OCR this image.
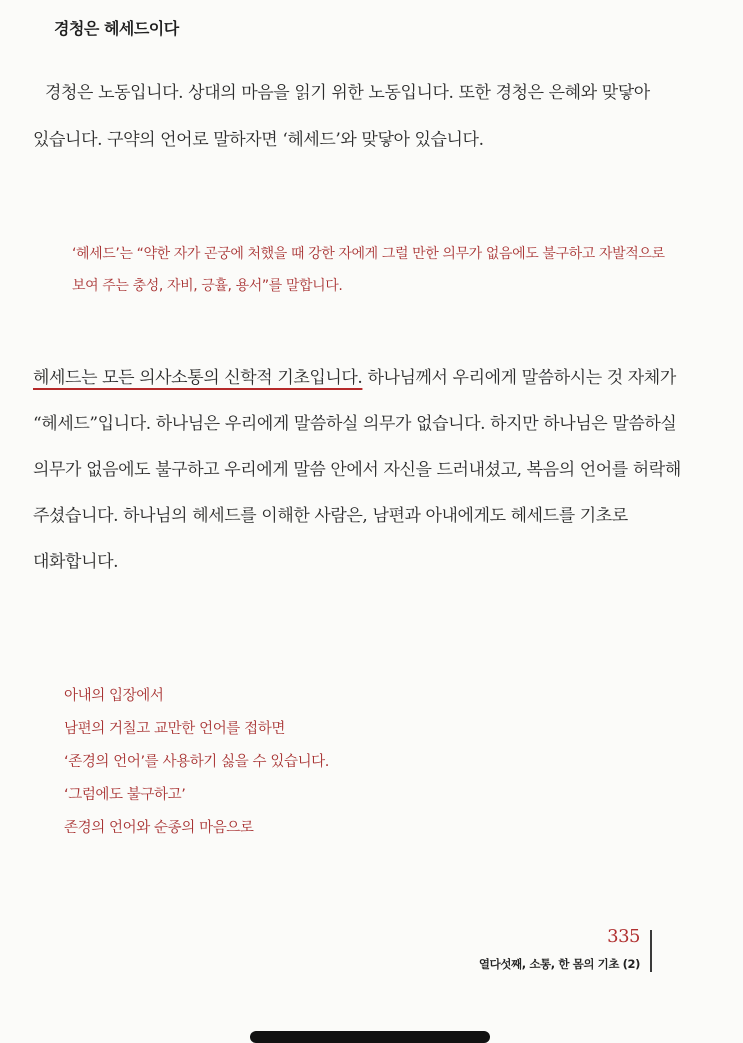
경청은 헤세드이다

경청은 노동입니다. 상대의 마음을 읽기 위한 노동입니다. 또한 경청은 은혜와 맞닿아 있습니다. 구약의 언어로 말하자면 ‘헤세드’와 맞닿아 있습니다.

‘헤세드’는 “약한 자가 곤궁에 처했을 때 강한 자에게 그럴 만한 의무가 없음에도 불구하고 자발적으로 보여 주는 충성, 자비, 긍휼, 용서”를 말합니다.

헤세드는 모든 의사소통의 신학적 기초입니다. 하나님께서 우리에게 말씀하시는 것 자체가 “헤세드”입니다. 하나님은 우리에게 말씀하실 의무가 없습니다. 하지만 하나님은 말씀하실 의무가 없음에도 불구하고 우리에게 말씀 안에서 자신을 드러내셨고, 복음의 언어를 허락해 주셨습니다. 하나님의 헤세드를 이해한 사람은, 남편과 아내에게도 헤세드를 기초로 대화합니다.

아내의 입장에서
남편의 거칠고 교만한 언어를 접하면
‘존경의 언어’를 사용하기 싫을 수 있습니다.
‘그럼에도 불구하고’
존경의 언어와 순종의 마음으로
335
열다섯째, 소통, 한 몸의 기초 (2)
